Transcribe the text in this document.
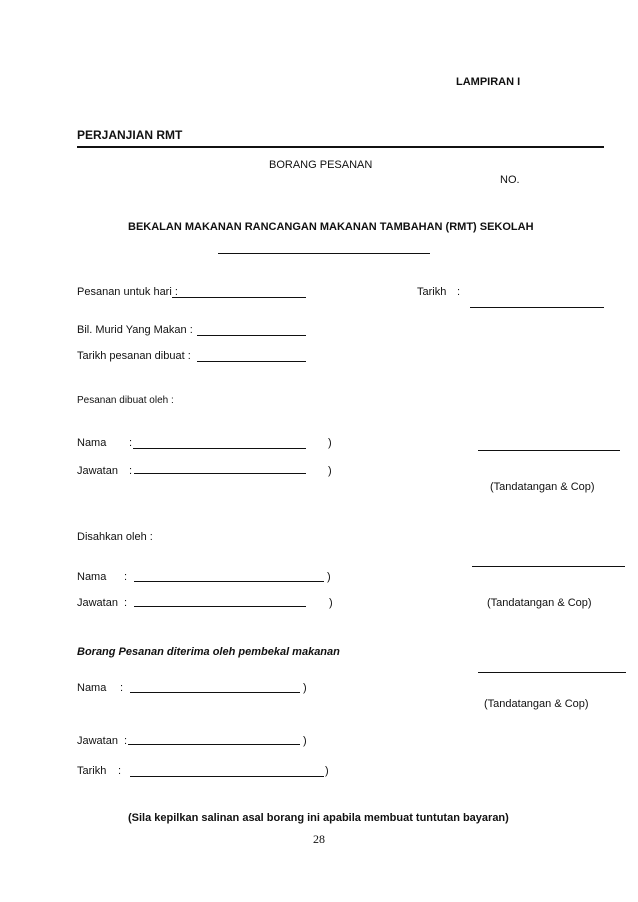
LAMPIRAN I
PERJANJIAN RMT
BORANG PESANAN
NO.
BEKALAN MAKANAN RANCANGAN MAKANAN TAMBAHAN (RMT) SEKOLAH
Pesanan untuk hari :	Tarikh :
Bil. Murid Yang Makan :
Tarikh pesanan dibuat :
Pesanan dibuat oleh :
Nama :	)
Jawatan :	)
(Tandatangan & Cop)
Disahkan oleh :
Nama :	)
Jawatan :	)	(Tandatangan & Cop)
Borang Pesanan diterima oleh pembekal makanan
Nama :	)
(Tandatangan & Cop)
Jawatan :	)
Tarikh :	)
(Sila kepilkan salinan asal borang ini apabila membuat tuntutan bayaran)
28
